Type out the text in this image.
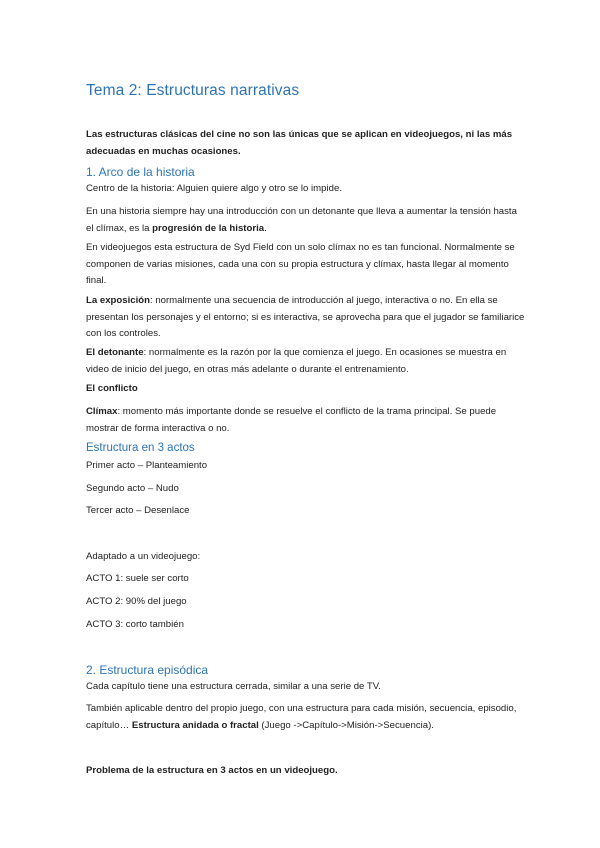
Tema 2: Estructuras narrativas

Las estructuras clásicas del cine no son las únicas que se aplican en videojuegos, ni las más adecuadas en muchas ocasiones.

1. Arco de la historia

Centro de la historia: Alguien quiere algo y otro se lo impide.

En una historia siempre hay una introducción con un detonante que lleva a aumentar la tensión hasta el clímax, es la progresión de la historia.

En videojuegos esta estructura de Syd Field con un solo clímax no es tan funcional. Normalmente se componen de varias misiones, cada una con su propia estructura y clímax, hasta llegar al momento final.

La exposición: normalmente una secuencia de introducción al juego, interactiva o no. En ella se presentan los personajes y el entorno; si es interactiva, se aprovecha para que el jugador se familiarice con los controles.

El detonante: normalmente es la razón por la que comienza el juego. En ocasiones se muestra en video de inicio del juego, en otras más adelante o durante el entrenamiento.

El conflicto

Clímax: momento más importante donde se resuelve el conflicto de la trama principal. Se puede mostrar de forma interactiva o no.

Estructura en 3 actos

Primer acto – Planteamiento

Segundo acto – Nudo

Tercer acto – Desenlace

Adaptado a un videojuego:

ACTO 1: suele ser corto

ACTO 2: 90% del juego

ACTO 3: corto también

2. Estructura episódica

Cada capítulo tiene una estructura cerrada, similar a una serie de TV.

También aplicable dentro del propio juego, con una estructura para cada misión, secuencia, episodio, capítulo… Estructura anidada o fractal (Juego ->Capítulo->Misión->Secuencia).

Problema de la estructura en 3 actos en un videojuego.
